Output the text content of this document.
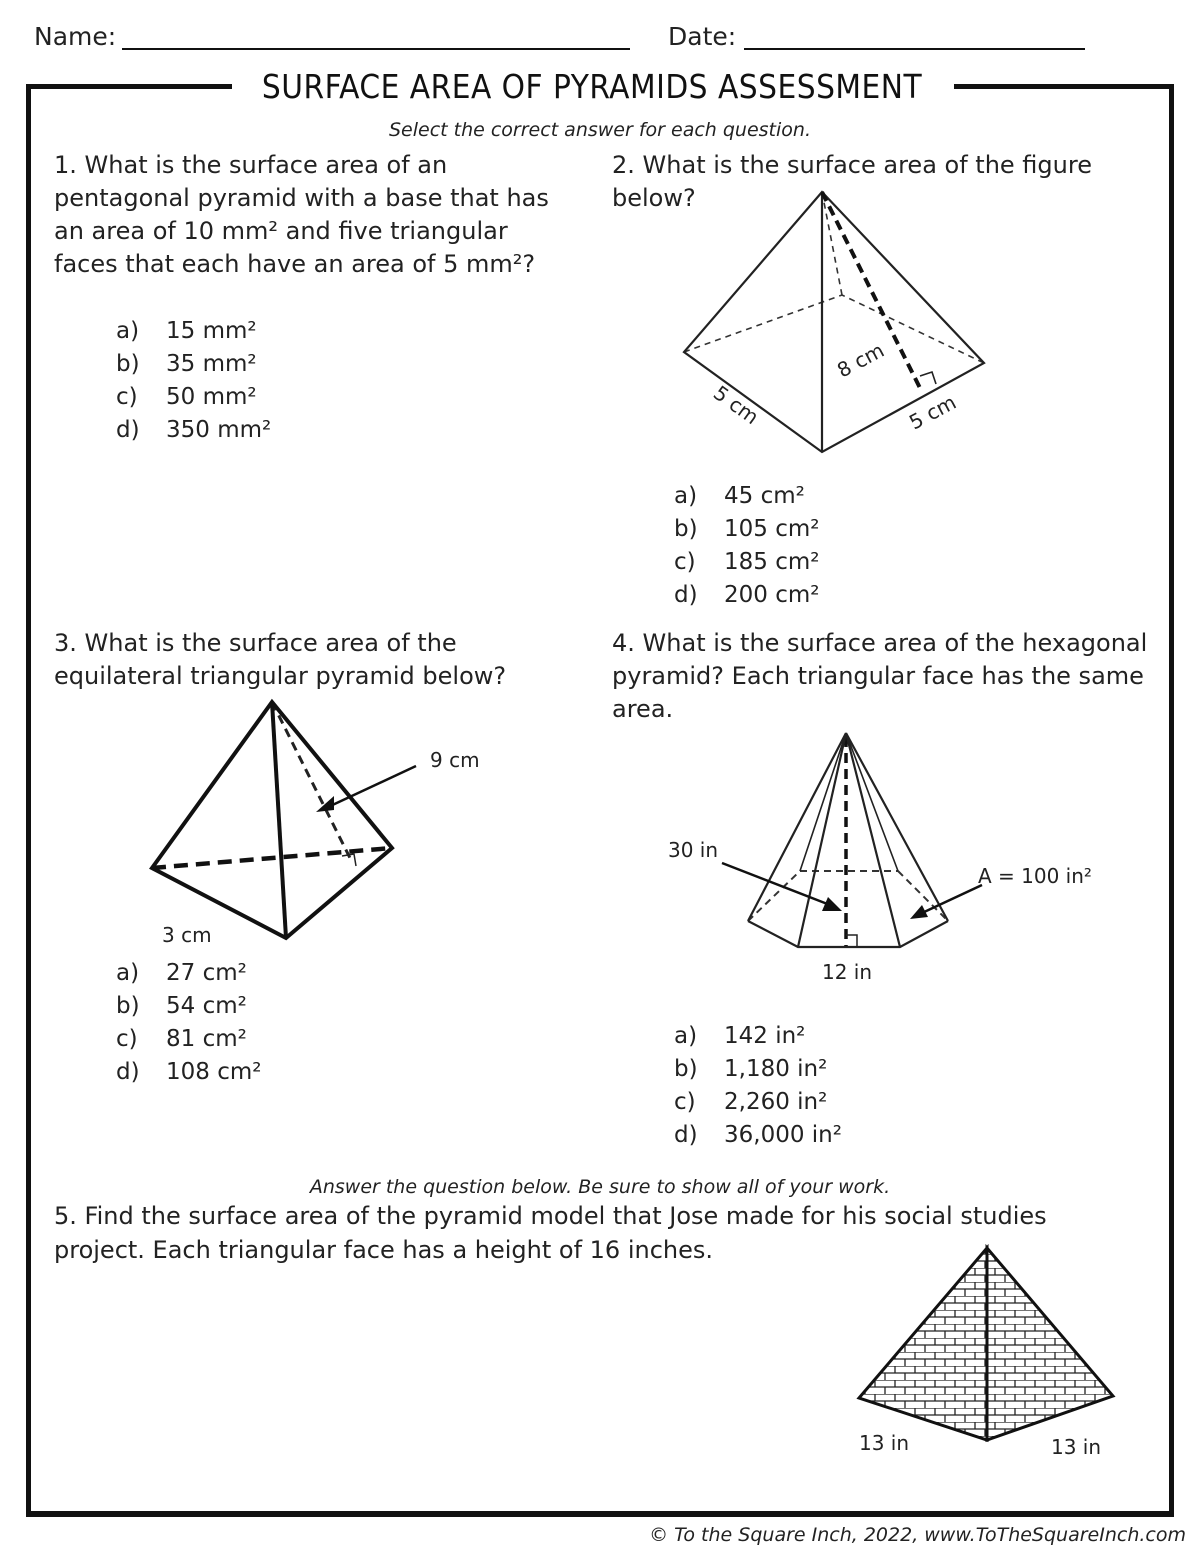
Name:	Date:
SURFACE AREA OF PYRAMIDS ASSESSMENT
Select the correct answer for each question.
1. What is the surface area of an pentagonal pyramid with a base that has an area of 10 mm² and five triangular faces that each have an area of 5 mm²?
a)	15 mm²
b)	35 mm²
c)	50 mm²
d)	350 mm²
2. What is the surface area of the figure below?
8 cm
5 cm	5 cm
a)	45 cm²
b)	105 cm²
c)	185 cm²
d)	200 cm²
3. What is the surface area of the equilateral triangular pyramid below?
9 cm
3 cm
a)	27 cm²
b)	54 cm²
c)	81 cm²
d)	108 cm²
4. What is the surface area of the hexagonal pyramid? Each triangular face has the same area.
30 in
A = 100 in²
12 in
a)	142 in²
b)	1,180 in²
c)	2,260 in²
d)	36,000 in²
Answer the question below. Be sure to show all of your work.
5. Find the surface area of the pyramid model that Jose made for his social studies project. Each triangular face has a height of 16 inches.
13 in	13 in
© To the Square Inch, 2022, www.ToTheSquareInch.com
